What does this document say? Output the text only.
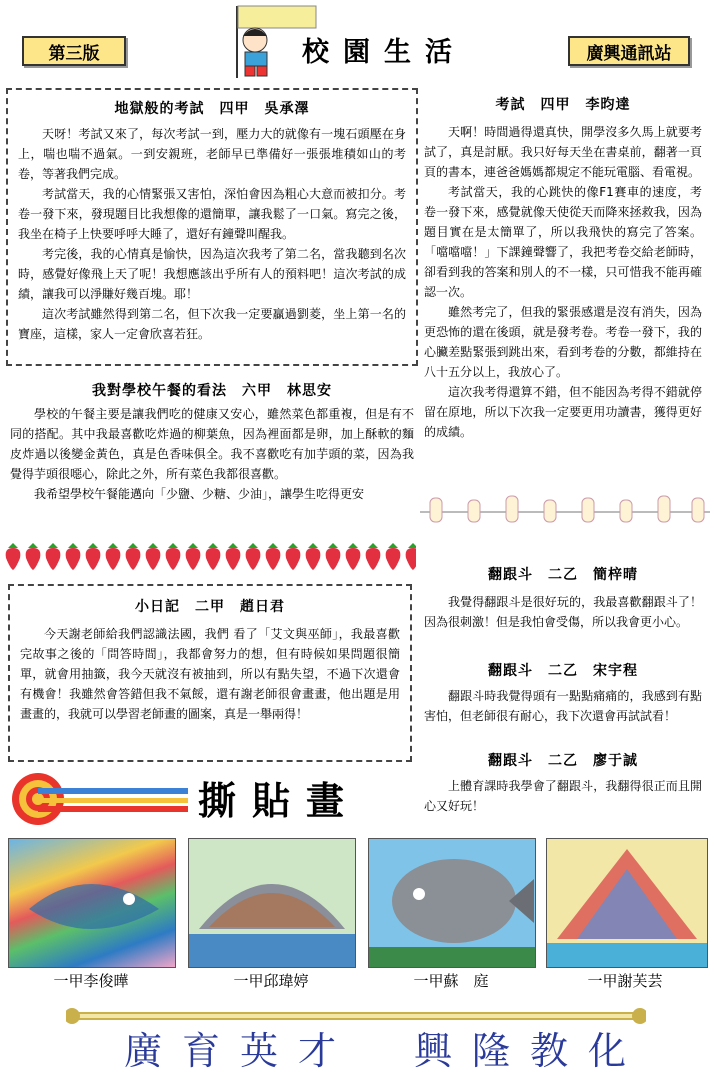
第三版	校園生活	廣興通訊站
地獄般的考試　四甲　吳承澤

天呀！考試又來了，每次考試一到，壓力大的就像有一塊石頭壓在身上，喘也喘不過氣。一到安親班，老師早已準備好一張張堆積如山的考卷，等著我們完成。

考試當天，我的心情緊張又害怕，深怕會因為粗心大意而被扣分。考卷一發下來，發現題目比我想像的還簡單，讓我鬆了一口氣。寫完之後，我坐在椅子上快要呼呼大睡了，還好有鐘聲叫醒我。

考完後，我的心情真是愉快，因為這次我考了第二名，當我聽到名次時，感覺好像飛上天了呢！我想應該出乎所有人的預料吧！這次考試的成績，讓我可以淨賺好幾百塊。耶！

這次考試雖然得到第二名，但下次我一定要贏過劉菱，坐上第一名的寶座，這樣，家人一定會欣喜若狂。

我對學校午餐的看法　六甲　林思安

學校的午餐主要是讓我們吃的健康又安心，雖然菜色都重複，但是有不同的搭配。其中我最喜歡吃炸過的柳葉魚，因為裡面都是卵，加上酥軟的麵皮炸過以後變金黃色，真是色香味俱全。我不喜歡吃有加芋頭的菜，因為我覺得芋頭很噁心，除此之外，所有菜色我都很喜歡。

我希望學校午餐能邁向「少鹽、少糖、少油」，讓學生吃得更安

小日記　二甲　趙日君

今天謝老師給我們認識法國，我們 看了「艾文與巫師」，我最喜歡 完故事之後的「問答時間」，我都會努力的想，但有時候如果問題很簡單，就會用抽籤，我今天就沒有被抽到，所以有點失望，不過下次還會有機會！我雖然會答錯但我不氣餒，還有謝老師很會畫畫，他出題是用畫畫的，我就可以學習老師畫的圖案，真是一舉兩得！

考試　四甲　李昀達

天啊！時間過得還真快，開學沒多久馬上就要考試了，真是討厭。我只好每天坐在書桌前，翻著一頁頁的書本，連爸爸媽媽都規定不能玩電腦、看電視。

考試當天，我的心跳快的像F1賽車的速度，考卷一發下來，感覺就像天使從天而降來拯救我，因為題目實在是太簡單了，所以我飛快的寫完了答案。「噹噹噹！」下課鐘聲響了，我把考卷交給老師時，卻看到我的答案和別人的不一樣，只可惜我不能再確認一次。

雖然考完了，但我的緊張感還是沒有消失，因為更恐怖的還在後頭，就是發考卷。考卷一發下，我的心臟差點緊張到跳出來，看到考卷的分數，都維持在八十五分以上，我放心了。

這次我考得還算不錯，但不能因為考得不錯就停留在原地，所以下次我一定要更用功讀書，獲得更好的成績。

翻跟斗　二乙　簡梓晴

我覺得翻跟斗是很好玩的，我最喜歡翻跟斗了！因為很刺激！但是我怕會受傷，所以我會更小心。

翻跟斗　二乙　宋宇程

翻跟斗時我覺得頭有一點點痛痛的，我感到有點害怕，但老師很有耐心，我下次還會再試試看！

翻跟斗　二乙　廖于誠

上體育課時我學會了翻跟斗，我翻得很正而且開心又好玩！

撕貼畫
一甲李俊曄	一甲邱瑋婷	一甲蘇　庭	一甲謝芙芸
廣育英才 興隆教化
